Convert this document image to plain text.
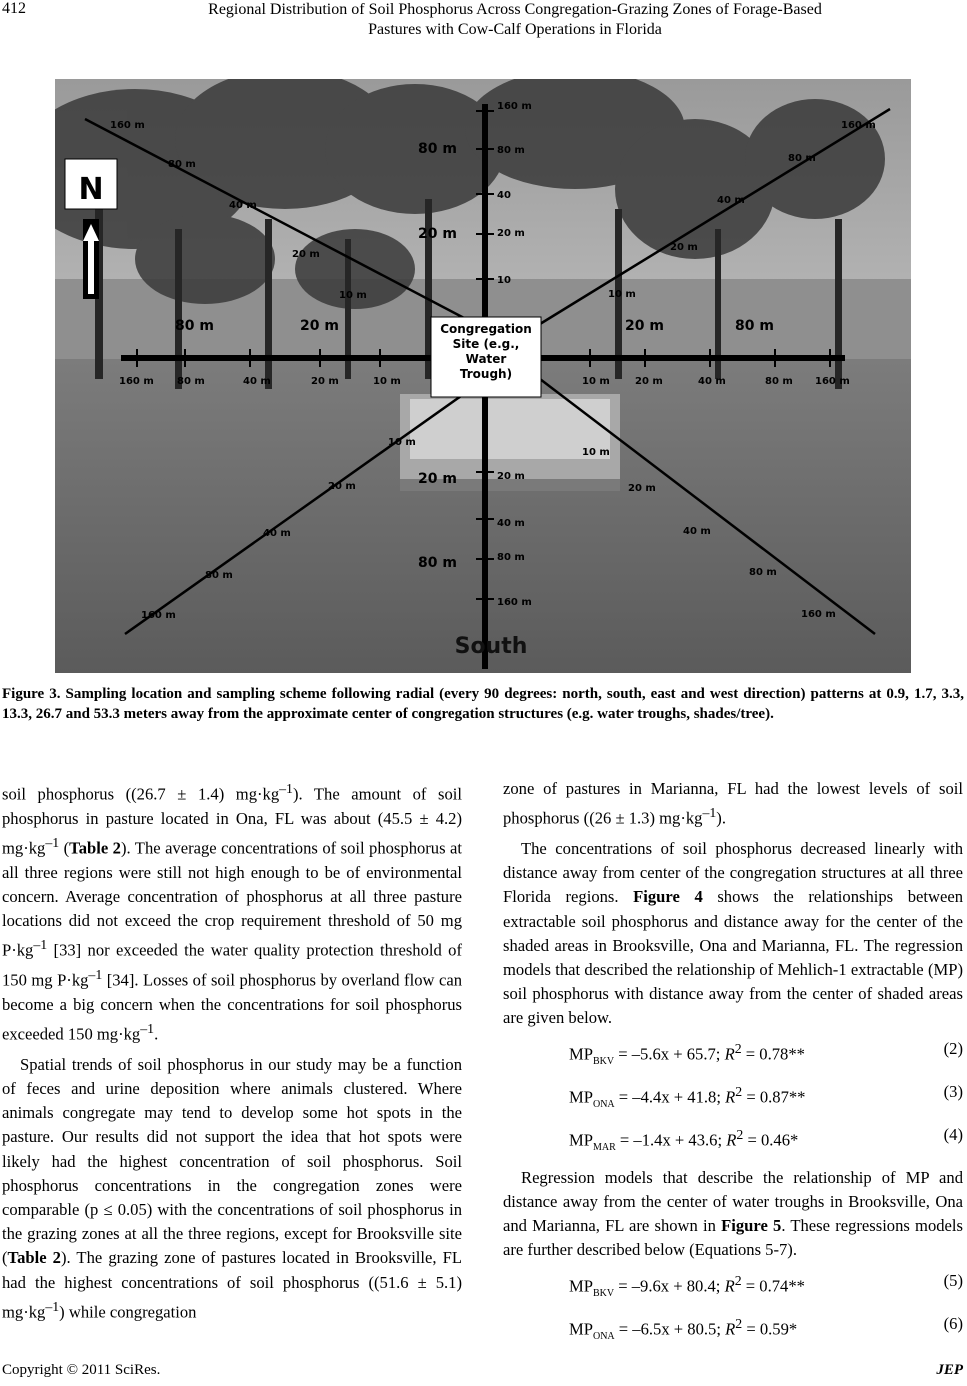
412	Regional Distribution of Soil Phosphorus Across Congregation-Grazing Zones of Forage-Based
Pastures with Cow-Calf Operations in Florida
N
Congregation
Site (e.g.,
Water
Trough)
South
80 m	20 m	20 m	80 m
80 m
20 m
20 m
80 m
160 m
80 m
40 m
20 m
10 m
160 m
80 m
40 m
20 m
10 m
160 m
80 m
40
20 m
10
160 m 80 m	40 m	20 m	10 m	10 m	20 m	40 m	80 m 160 m
10 m
20 m
40 m
80 m
160 m
10 m
20 m
40 m
80 m
160 m
20 m
40 m
80 m
160 m
Figure 3. Sampling location and sampling scheme following radial (every 90 degrees: north, south, east and west direction) patterns at 0.9, 1.7, 3.3, 13.3, 26.7 and 53.3 meters away from the approximate center of congregation structures (e.g. water troughs, shades/tree).

soil phosphorus ((26.7 ± 1.4) $mg\cdot kg^{-1}$). The amount of soil phosphorus in pasture located in Ona, FL was about (45.5 ± 4.2) $mg\cdot kg^{-1}$ (Table 2). The average concentrations of soil phosphorus at all three regions were still not high enough to be of environmental concern. Average concentration of phosphorus at all three pasture locations did not exceed the crop requirement threshold of 50 mg $P\cdot kg^{-1}$ [33] nor exceeded the water quality protection threshold of 150 mg $P\cdot kg^{-1}$ [34]. Losses of soil phosphorus by overland flow can become a big concern when the concentrations for soil phosphorus exceeded 150 $mg\cdot kg^{-1}$.

Spatial trends of soil phosphorus in our study may be a function of feces and urine deposition where animals clustered. Where animals congregate may tend to develop some hot spots in the pasture. Our results did not support the idea that hot spots were likely had the highest concentration of soil phosphorus. Soil phosphorus concentrations in the congregation zones were comparable (p ≤ 0.05) with the concentrations of soil phosphorus in the grazing zones at all the three regions, except for Brooksville site (Table 2). The grazing zone of pastures located in Brooksville, FL had the highest concentrations of soil phosphorus ((51.6 ± 5.1) $mg\cdot kg^{-1}$) while congregation

zone of pastures in Marianna, FL had the lowest levels of soil phosphorus ((26 ± 1.3) $mg\cdot kg^{-1}$).

The concentrations of soil phosphorus decreased linearly with distance away from center of the congregation structures at all three Florida regions. Figure 4 shows the relationships between extractable soil phosphorus and distance away for the center of the shaded areas in Brooksville, Ona and Marianna, FL. The regression models that described the relationship of Mehlich-1 extractable (MP) soil phosphorus with distance away from the center of shaded areas are given below.

$MP_{BKV} = -5.6x + 65.7$; $R^2 = 0.78**$	(2)
$MP_{ONA} = -4.4x + 41.8$; $R^2 = 0.87**$	(3)
$MP_{MAR} = -1.4x + 43.6$; $R^2 = 0.46*$	(4)

Regression models that describe the relationship of MP and distance away from the center of water troughs in Brooksville, Ona and Marianna, FL are shown in Figure 5. These regressions models are further described below (Equations 5-7).

$MP_{BKV} = -9.6x + 80.4$; $R^2 = 0.74**$	(5)
$MP_{ONA} = -6.5x + 80.5$; $R^2 = 0.59*$	(6)
Copyright © 2011 SciRes.	JEP
